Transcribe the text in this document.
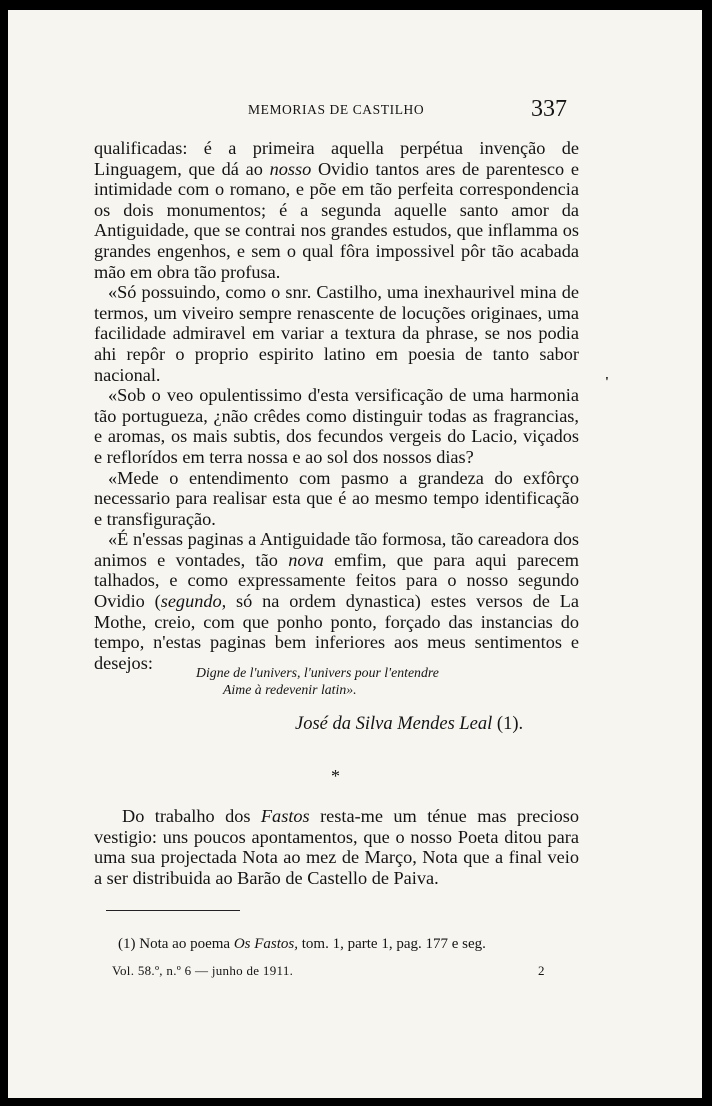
MEMORIAS DE CASTILHO	337

qualificadas: é a primeira aquella perpétua invenção de Linguagem, que dá ao nosso Ovidio tantos ares de parentesco e intimidade com o romano, e põe em tão perfeita correspondencia os dois monumentos; é a segunda aquelle santo amor da Antiguidade, que se contrai nos grandes estudos, que inflamma os grandes engenhos, e sem o qual fôra impossivel pôr tão acabada mão em obra tão profusa.

«Só possuindo, como o snr. Castilho, uma inexhaurivel mina de termos, um viveiro sempre renascente de locuções originaes, uma facilidade admiravel em variar a textura da phrase, se nos podia ahi repôr o proprio espirito latino em poesia de tanto sabor nacional.

«Sob o veo opulentissimo d'esta versificação de uma harmonia tão portugueza, ¿não crêdes como distinguir todas as fragrancias, e aromas, os mais subtis, dos fecundos vergeis do Lacio, viçados e reflorídos em terra nossa e ao sol dos nossos dias?

«Mede o entendimento com pasmo a grandeza do exfôrço necessario para realisar esta que é ao mesmo tempo identificação e transfiguração.

«É n'essas paginas a Antiguidade tão formosa, tão careadora dos animos e vontades, tão nova emfim, que para aqui parecem talhados, e como expressamente feitos para o nosso segundo Ovidio (segundo, só na ordem dynastica) estes versos de La Mothe, creio, com que ponho ponto, forçado das instancias do tempo, n'estas paginas bem inferiores aos meus sentimentos e desejos:	Digne de l'univers, l'univers pour l'entendre
Aime à redevenir latin».
José da Silva Mendes Leal (1).
*

Do trabalho dos Fastos resta-me um ténue mas precioso vestigio: uns poucos apontamentos, que o nosso Poeta ditou para uma sua projectada Nota ao mez de Março, Nota que a final veio a ser distribuida ao Barão de Castello de Paiva.

(1) Nota ao poema Os Fastos, tom. 1, parte 1, pag. 177 e seg.
Vol. 58.º, n.º 6 — junho de 1911.	2
'
